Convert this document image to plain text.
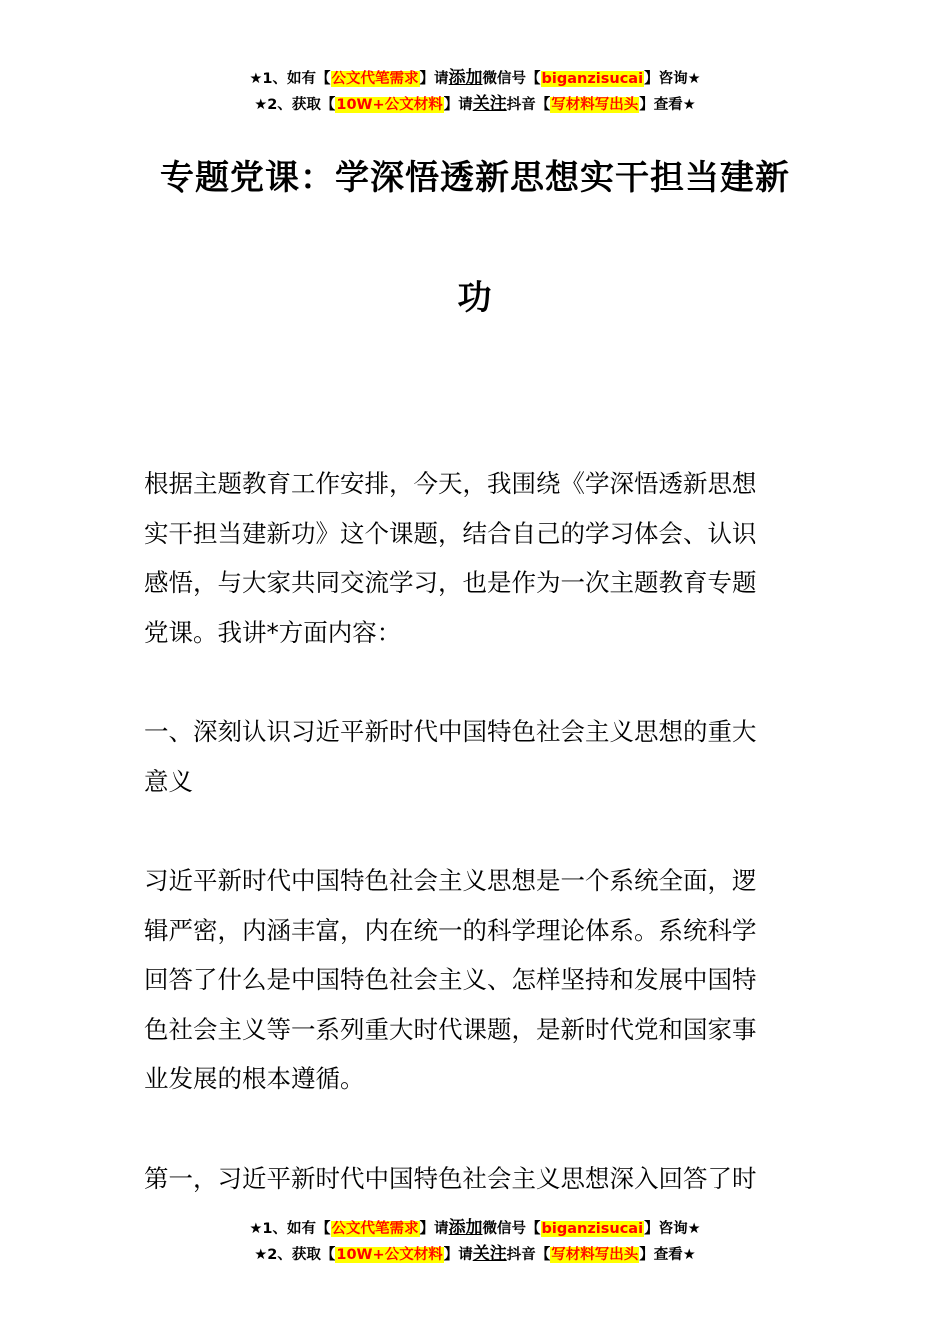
★1、如有【公文代笔需求】请添加微信号【biganzisucai】咨询★
★2、获取【10W+公文材料】请关注抖音【写材料写出头】查看★
专题党课：学深悟透新思想实干担当建新
功
根据主题教育工作安排，今天，我围绕《学深悟透新思想
实干担当建新功》这个课题，结合自己的学习体会、认识
感悟，与大家共同交流学习，也是作为一次主题教育专题
党课。我讲*方面内容：
一、深刻认识习近平新时代中国特色社会主义思想的重大
意义
习近平新时代中国特色社会主义思想是一个系统全面，逻
辑严密，内涵丰富，内在统一的科学理论体系。系统科学
回答了什么是中国特色社会主义、怎样坚持和发展中国特
色社会主义等一系列重大时代课题，是新时代党和国家事
业发展的根本遵循。
第一，习近平新时代中国特色社会主义思想深入回答了时
★1、如有【公文代笔需求】请添加微信号【biganzisucai】咨询★
★2、获取【10W+公文材料】请关注抖音【写材料写出头】查看★
